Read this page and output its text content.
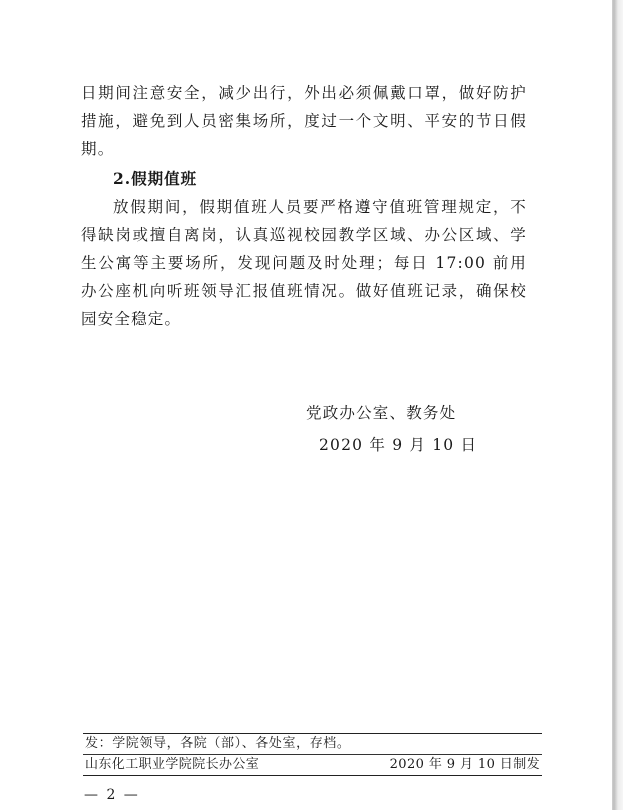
日期间注意安全，减少出行，外出必须佩戴口罩，做好防护措施，避免到人员密集场所，度过一个文明、平安的节日假期。

2.假期值班

放假期间，假期值班人员要严格遵守值班管理规定，不得缺岗或擅自离岗，认真巡视校园教学区域、办公区域、学生公寓等主要场所，发现问题及时处理；每日 17:00 前用办公座机向听班领导汇报值班情况。做好值班记录，确保校园安全稳定。

党政办公室、教务处
2020 年 9 月 10 日
发：学院领导，各院（部）、各处室，存档。
山东化工职业学院院长办公室	2020 年 9 月 10 日制发
— 2 —
